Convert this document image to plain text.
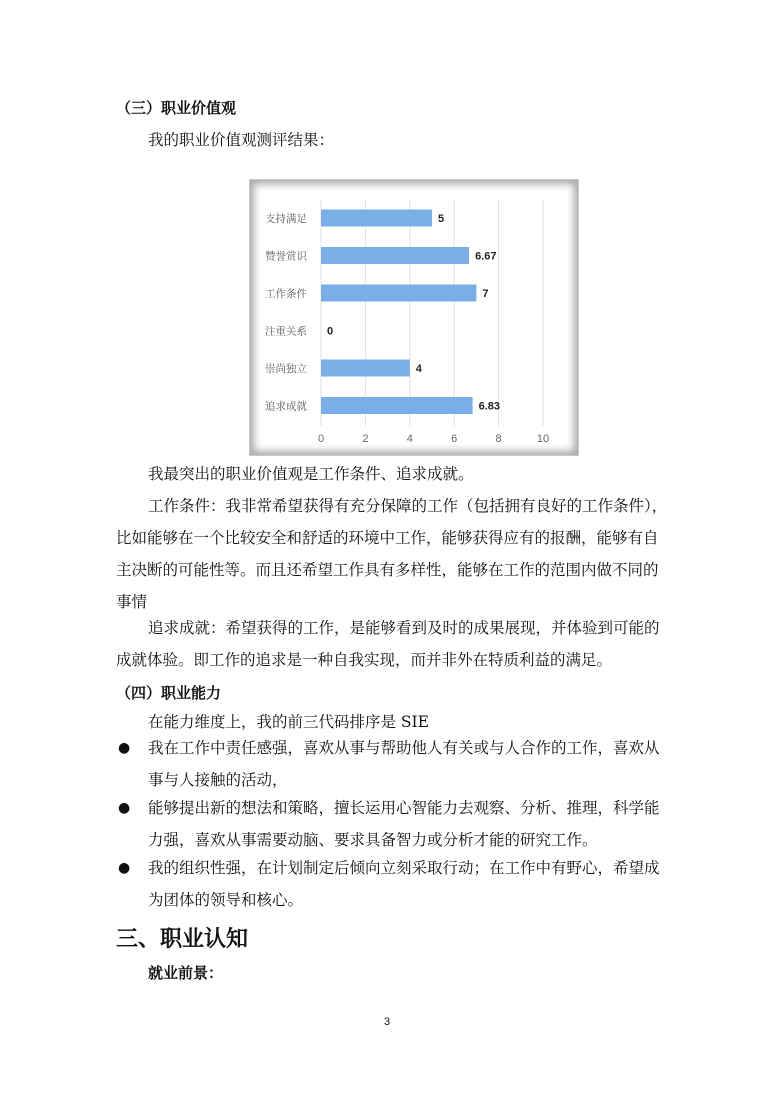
（三）职业价值观
我的职业价值观测评结果：
0	2	4	6	8	10
支持满足	5
赞誉赏识	6.67
工作条件	7
注重关系 0
崇尚独立	4
追求成就	6.83
我最突出的职业价值观是工作条件、追求成就。
工作条件：我非常希望获得有充分保障的工作（包括拥有良好的工作条件），
比如能够在一个比较安全和舒适的环境中工作，能够获得应有的报酬，能够有自
主决断的可能性等。而且还希望工作具有多样性，能够在工作的范围内做不同的
事情
追求成就：希望获得的工作，是能够看到及时的成果展现，并体验到可能的
成就体验。即工作的追求是一种自我实现，而并非外在特质利益的满足。
（四）职业能力
在能力维度上，我的前三代码排序是 SIE
● 我在工作中责任感强，喜欢从事与帮助他人有关或与人合作的工作，喜欢从
事与人接触的活动，
● 能够提出新的想法和策略，擅长运用心智能力去观察、分析、推理，科学能
力强，喜欢从事需要动脑、要求具备智力或分析才能的研究工作。
● 我的组织性强，在计划制定后倾向立刻采取行动；在工作中有野心，希望成
为团体的领导和核心。
三、职业认知
就业前景：
3
